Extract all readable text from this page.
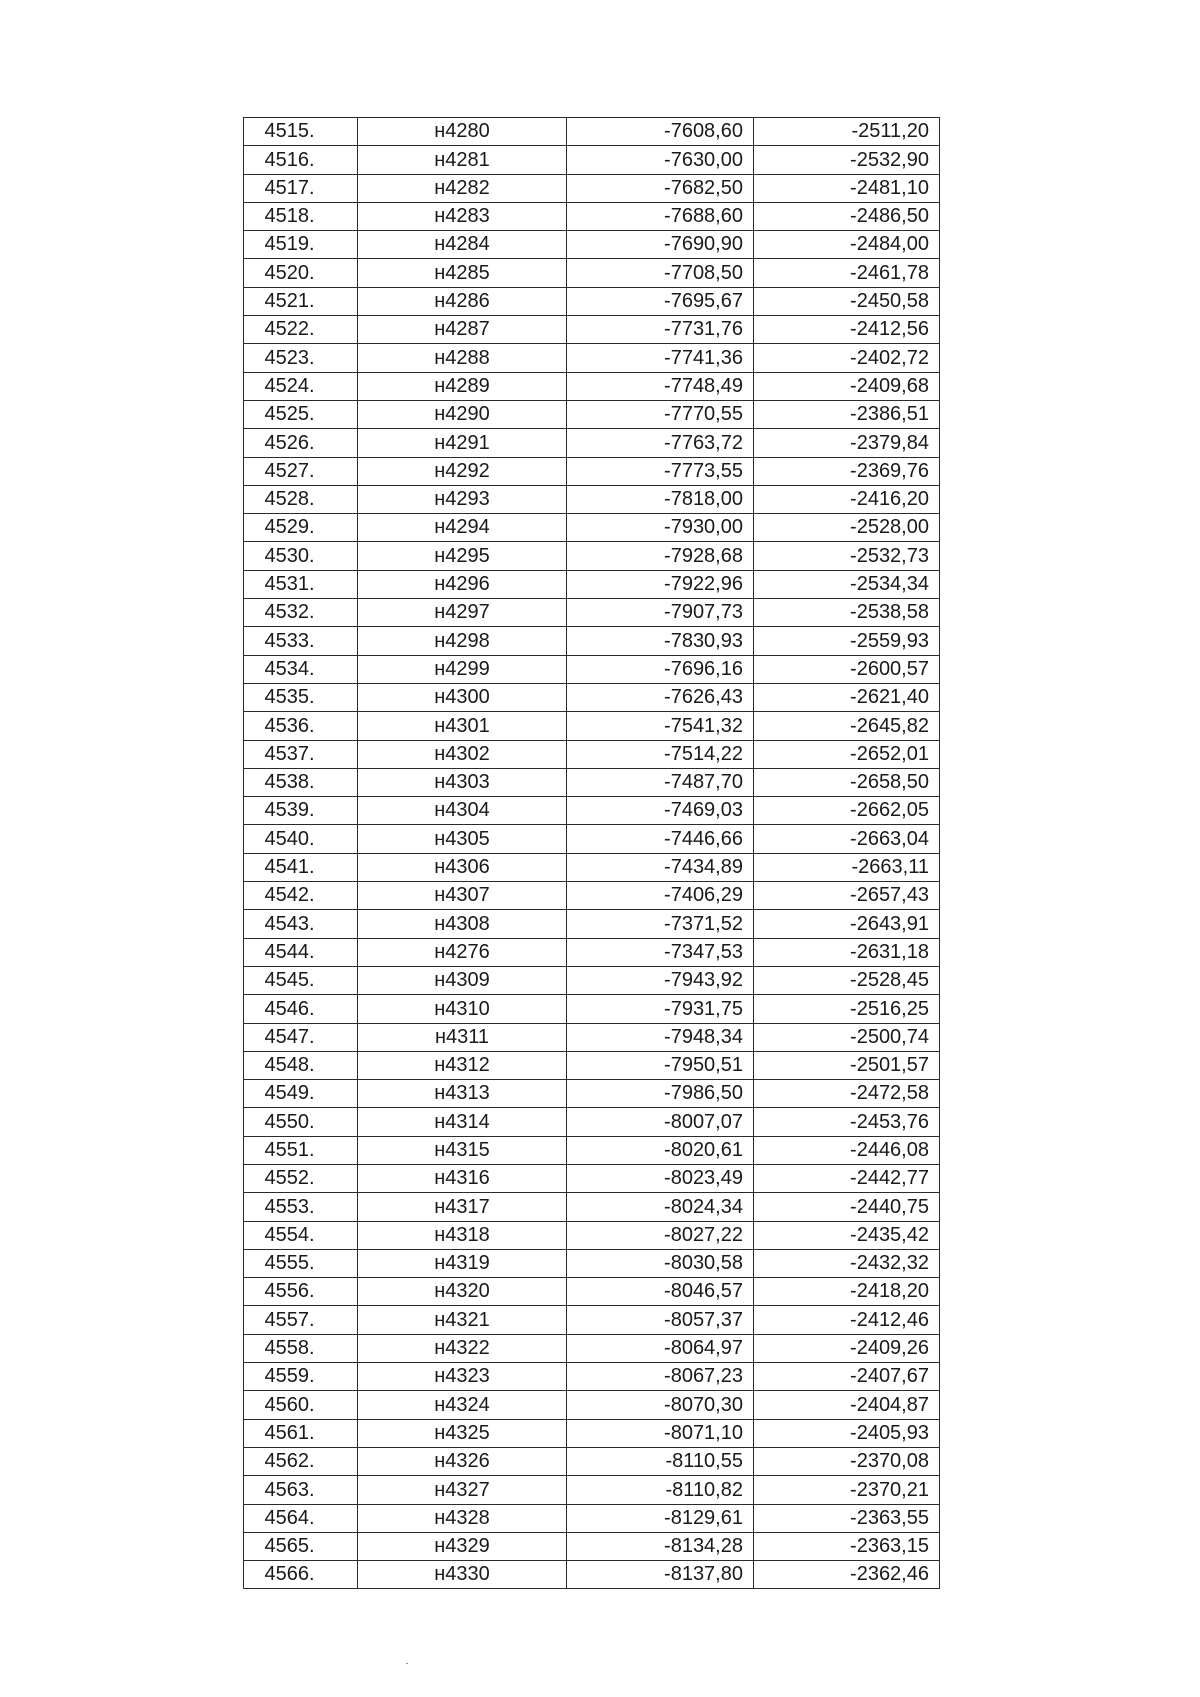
4515.	н4280	-7608,60	-2511,20
4516.	н4281	-7630,00	-2532,90
4517.	н4282	-7682,50	-2481,10
4518.	н4283	-7688,60	-2486,50
4519.	н4284	-7690,90	-2484,00
4520.	н4285	-7708,50	-2461,78
4521.	н4286	-7695,67	-2450,58
4522.	н4287	-7731,76	-2412,56
4523.	н4288	-7741,36	-2402,72
4524.	н4289	-7748,49	-2409,68
4525.	н4290	-7770,55	-2386,51
4526.	н4291	-7763,72	-2379,84
4527.	н4292	-7773,55	-2369,76
4528.	н4293	-7818,00	-2416,20
4529.	н4294	-7930,00	-2528,00
4530.	н4295	-7928,68	-2532,73
4531.	н4296	-7922,96	-2534,34
4532.	н4297	-7907,73	-2538,58
4533.	н4298	-7830,93	-2559,93
4534.	н4299	-7696,16	-2600,57
4535.	н4300	-7626,43	-2621,40
4536.	н4301	-7541,32	-2645,82
4537.	н4302	-7514,22	-2652,01
4538.	н4303	-7487,70	-2658,50
4539.	н4304	-7469,03	-2662,05
4540.	н4305	-7446,66	-2663,04
4541.	н4306	-7434,89	-2663,11
4542.	н4307	-7406,29	-2657,43
4543.	н4308	-7371,52	-2643,91
4544.	н4276	-7347,53	-2631,18
4545.	н4309	-7943,92	-2528,45
4546.	н4310	-7931,75	-2516,25
4547.	н4311	-7948,34	-2500,74
4548.	н4312	-7950,51	-2501,57
4549.	н4313	-7986,50	-2472,58
4550.	н4314	-8007,07	-2453,76
4551.	н4315	-8020,61	-2446,08
4552.	н4316	-8023,49	-2442,77
4553.	н4317	-8024,34	-2440,75
4554.	н4318	-8027,22	-2435,42
4555.	н4319	-8030,58	-2432,32
4556.	н4320	-8046,57	-2418,20
4557.	н4321	-8057,37	-2412,46
4558.	н4322	-8064,97	-2409,26
4559.	н4323	-8067,23	-2407,67
4560.	н4324	-8070,30	-2404,87
4561.	н4325	-8071,10	-2405,93
4562.	н4326	-8110,55	-2370,08
4563.	н4327	-8110,82	-2370,21
4564.	н4328	-8129,61	-2363,55
4565.	н4329	-8134,28	-2363,15
4566.	н4330	-8137,80	-2362,46
